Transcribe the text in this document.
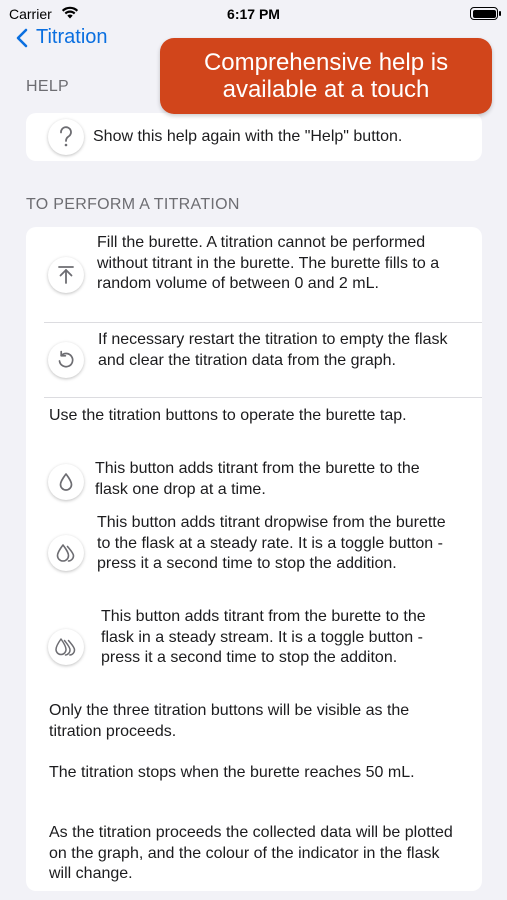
Carrier	6:17 PM
Titration
HELP
Show this help again with the "Help" button.
Comprehensive help is available at a touch
TO PERFORM A TITRATION
Fill the burette. A titration cannot be performed without titrant in the burette. The burette fills to a random volume of between 0 and 2 mL.
If necessary restart the titration to empty the flask and clear the titration data from the graph.
Use the titration buttons to operate the burette tap.
This button adds titrant from the burette to the flask one drop at a time.
This button adds titrant dropwise from the burette to the flask at a steady rate. It is a toggle button - press it a second time to stop the addition.
This button adds titrant from the burette to the flask in a steady stream. It is a toggle button - press it a second time to stop the additon.
Only the three titration buttons will be visible as the titration proceeds.
The titration stops when the burette reaches 50 mL.
As the titration proceeds the collected data will be plotted on the graph, and the colour of the indicator in the flask will change.
